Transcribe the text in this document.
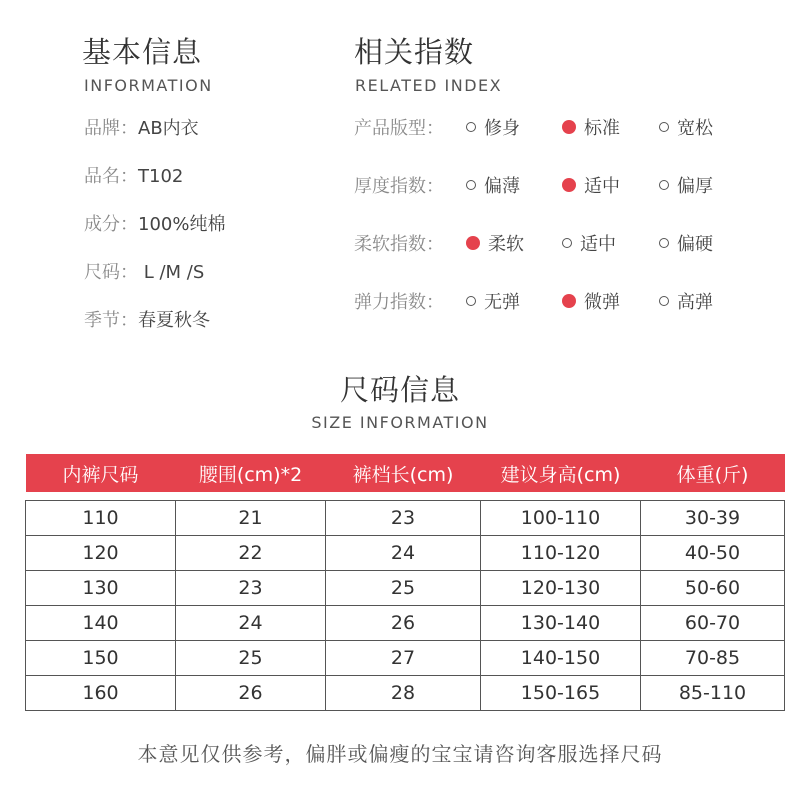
基本信息
INFORMATION
品牌：AB内衣
品名：T102
成分：100%纯棉
尺码： L /M /S
季节：春夏秋冬
相关指数
RELATED INDEX
产品版型： 修身	标准	宽松
厚度指数： 偏薄	适中	偏厚
柔软指数： 柔软	适中	偏硬
弹力指数： 无弹	微弹	高弹
尺码信息
SIZE INFORMATION
内裤尺码	腰围(cm)*2	裤档长(cm)	建议身高(cm)	体重(斤)

110	21	23	100-110	30-39
120	22	24	110-120	40-50
130	23	25	120-130	50-60
140	24	26	130-140	60-70
150	25	27	140-150	70-85
160	26	28	150-165	85-110
本意见仅供参考，偏胖或偏瘦的宝宝请咨询客服选择尺码
